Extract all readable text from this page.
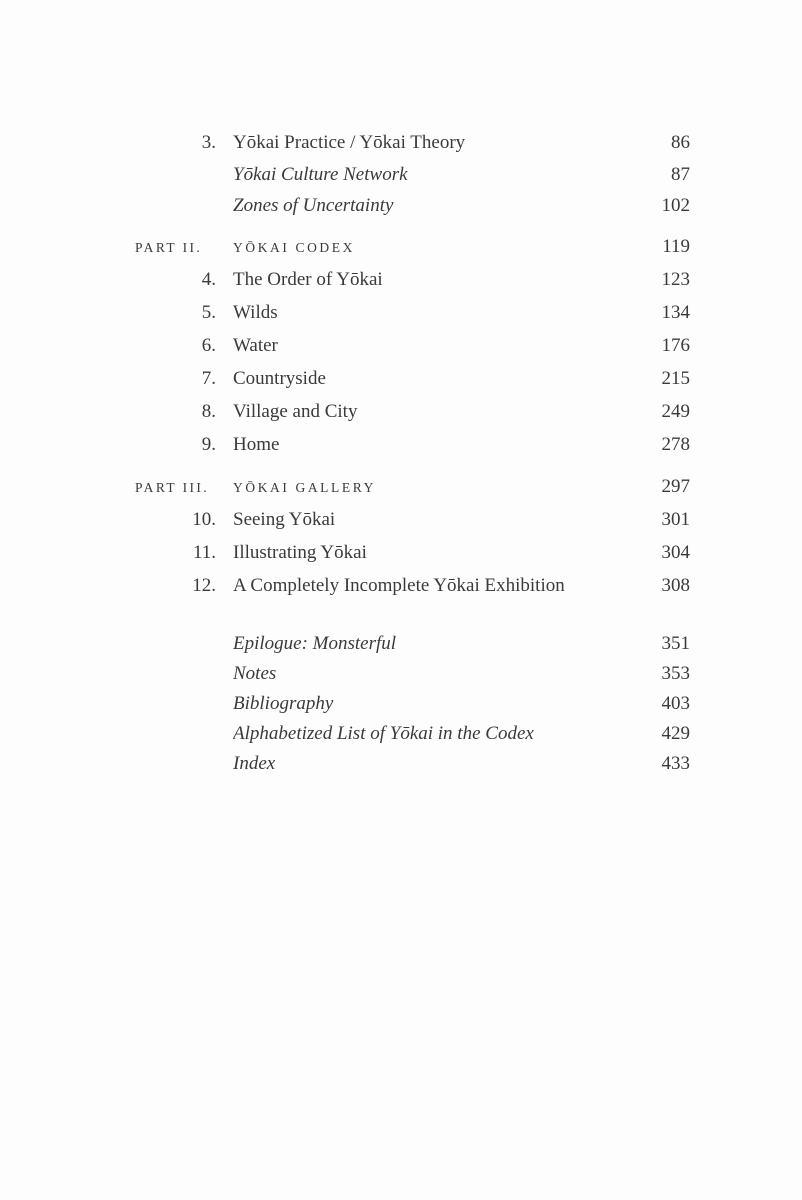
3. Yōkai Practice / Yōkai Theory	86
Yōkai Culture Network	87
Zones of Uncertainty	102
PART II.	YŌKAI CODEX	119
4. The Order of Yōkai	123
5. Wilds	134
6. Water	176
7. Countryside	215
8. Village and City	249
9. Home	278
PART III.	YŌKAI GALLERY	297
10. Seeing Yōkai	301
11. Illustrating Yōkai	304
12. A Completely Incomplete Yōkai Exhibition	308
Epilogue: Monsterful	351
Notes	353
Bibliography	403
Alphabetized List of Yōkai in the Codex	429
Index	433
